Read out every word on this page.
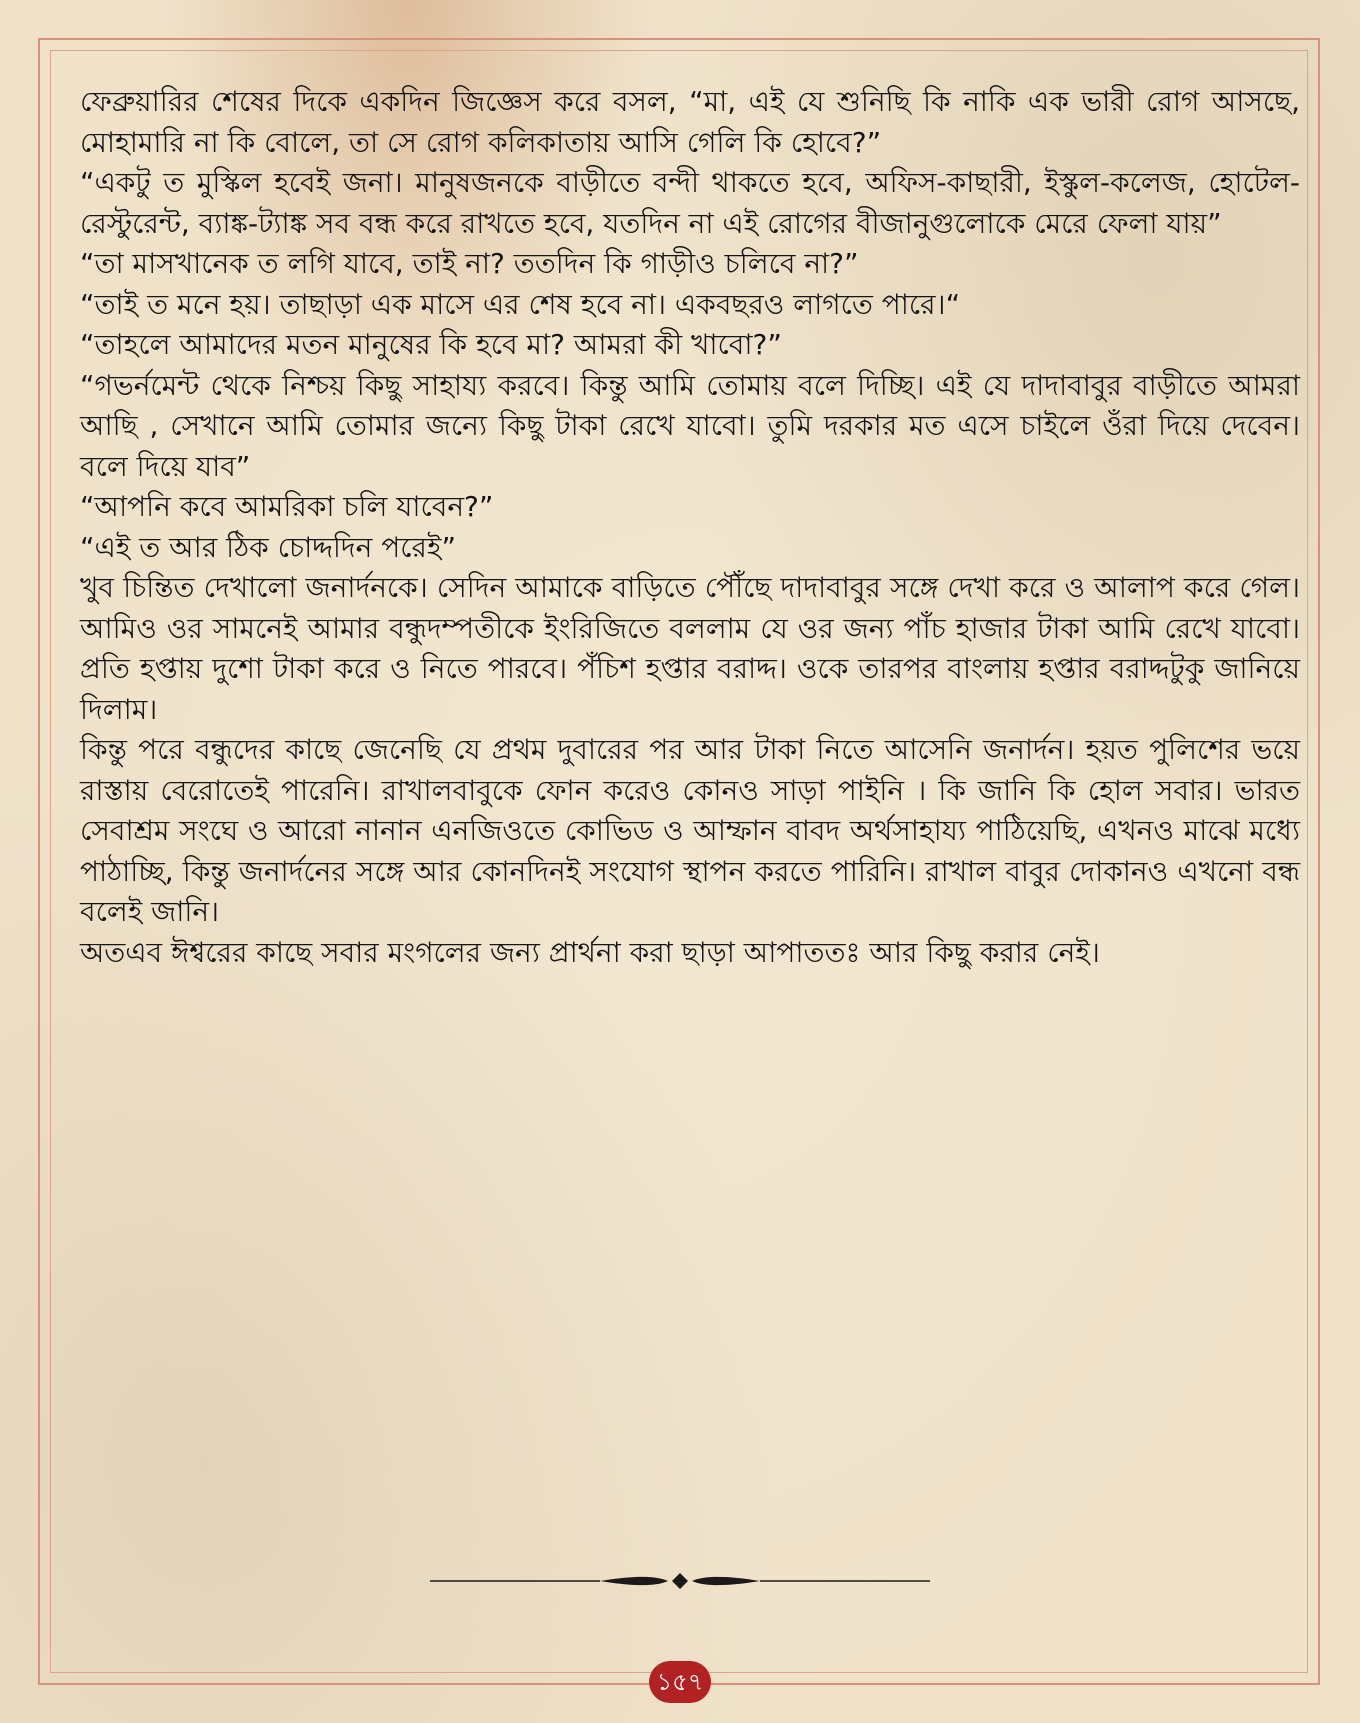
ফেব্রুয়ারির শেষের দিকে একদিন জিজ্ঞেস করে বসল, “মা, এই যে শুনিছি কি নাকি এক ভারী রোগ আসছে, মোহামারি না কি বোলে, তা সে রোগ কলিকাতায় আসি গেলি কি হোবে?”

“একটু ত মুস্কিল হবেই জনা। মানুষজনকে বাড়ীতে বন্দী থাকতে হবে, অফিস-কাছারী, ইস্কুল-কলেজ, হোটেল-রেস্টুরেন্ট, ব্যাঙ্ক-ট্যাঙ্ক সব বন্ধ করে রাখতে হবে, যতদিন না এই রোগের বীজানুগুলোকে মেরে ফেলা যায়”

“তা মাসখানেক ত লগি যাবে, তাই না? ততদিন কি গাড়ীও চলিবে না?”

“তাই ত মনে হয়। তাছাড়া এক মাসে এর শেষ হবে না। একবছরও লাগতে পারে।“

“তাহলে আমাদের মতন মানুষের কি হবে মা? আমরা কী খাবো?”

“গভর্নমেন্ট থেকে নিশ্চয় কিছু সাহায্য করবে। কিন্তু আমি তোমায় বলে দিচ্ছি। এই যে দাদাবাবুর বাড়ীতে আমরা আছি , সেখানে আমি তোমার জন্যে কিছু টাকা রেখে যাবো। তুমি দরকার মত এসে চাইলে ওঁরা দিয়ে দেবেন। বলে দিয়ে যাব”

“আপনি কবে আমরিকা চলি যাবেন?”

“এই ত আর ঠিক চোদ্দদিন পরেই”

খুব চিন্তিত দেখালো জনার্দনকে। সেদিন আমাকে বাড়িতে পৌঁছে দাদাবাবুর সঙ্গে দেখা করে ও আলাপ করে গেল। আমিও ওর সামনেই আমার বন্ধুদম্পতীকে ইংরিজিতে বললাম যে ওর জন্য পাঁচ হাজার টাকা আমি রেখে যাবো। প্রতি হপ্তায় দুশো টাকা করে ও নিতে পারবে। পঁচিশ হপ্তার বরাদ্দ। ওকে তারপর বাংলায় হপ্তার বরাদ্দটুকু জানিয়ে দিলাম।

কিন্তু পরে বন্ধুদের কাছে জেনেছি যে প্রথম দুবারের পর আর টাকা নিতে আসেনি জনার্দন। হয়ত পুলিশের ভয়ে রাস্তায় বেরোতেই পারেনি। রাখালবাবুকে ফোন করেও কোনও সাড়া পাইনি । কি জানি কি হোল সবার। ভারত সেবাশ্রম সংঘে ও আরো নানান এনজিওতে কোভিড ও আম্ফান বাবদ অর্থসাহায্য পাঠিয়েছি, এখনও মাঝে মধ্যে পাঠাচ্ছি, কিন্তু জনার্দনের সঙ্গে আর কোনদিনই সংযোগ স্থাপন করতে পারিনি। রাখাল বাবুর দোকানও এখনো বন্ধ বলেই জানি।

অতএব ঈশ্বরের কাছে সবার মংগলের জন্য প্রার্থনা করা ছাড়া আপাততঃ আর কিছু করার নেই।

১৫৭
